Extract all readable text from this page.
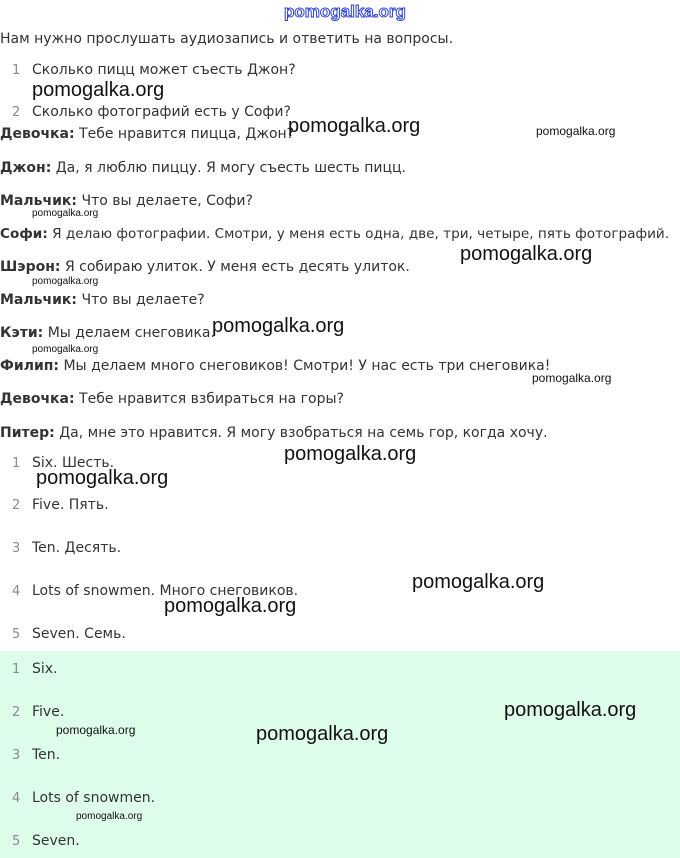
pomogalka.org
Нам нужно прослушать аудиозапись и ответить на вопросы.
1 Сколько пицц может съесть Джон?
2 Сколько фотографий есть у Софи?
Девочка: Тебе нравится пицца, Джон?
Джон: Да, я люблю пиццу. Я могу съесть шесть пицц.
Мальчик: Что вы делаете, Софи?
Софи: Я делаю фотографии. Смотри, у меня есть одна, две, три, четыре, пять фотографий.
Шэрон: Я собираю улиток. У меня есть десять улиток.
Мальчик: Что вы делаете?
Кэти: Мы делаем снеговика.
Филип: Мы делаем много снеговиков! Смотри! У нас есть три снеговика!
Девочка: Тебе нравится взбираться на горы?
Питер: Да, мне это нравится. Я могу взобраться на семь гор, когда хочу.
1 Six. Шесть.
2 Five. Пять.
3 Ten. Десять.
4 Lots of snowmen. Много снеговиков.
5 Seven. Семь.
1 Six.
2 Five.
3 Ten.
4 Lots of snowmen.
5 Seven.
pomogalka.org
pomogalka.org	pomogalka.org
pomogalka.org
pomogalka.org
pomogalka.org
pomogalka.org
pomogalka.org
pomogalka.org
pomogalka.org
pomogalka.org
pomogalka.org
pomogalka.org
pomogalka.org
pomogalka.org	pomogalka.org
pomogalka.org
